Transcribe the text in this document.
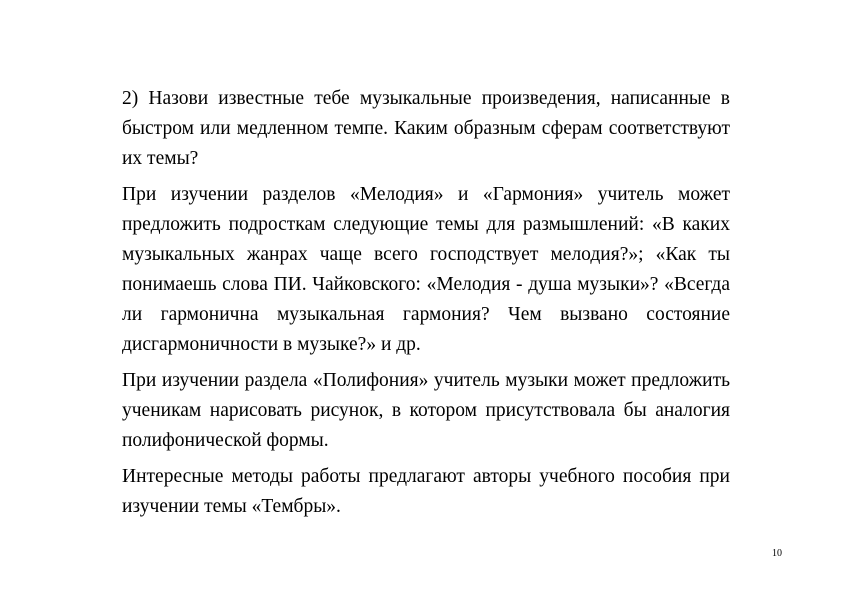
2) Назови известные тебе музыкальные произведения, написанные в быстром или медленном темпе. Каким образным сферам соответствуют их темы?

При изучении разделов «Мелодия» и «Гармония» учитель может предложить подросткам следующие темы для размышлений: «В каких музыкальных жанрах чаще всего господствует мелодия?»; «Как ты понимаешь слова ПИ. Чайковского: «Мелодия - душа музыки»? «Всегда ли гармонична музыкальная гармония? Чем вызвано состояние дисгармоничности в музыке?» и др.

При изучении раздела «Полифония» учитель музыки может предложить ученикам нарисовать рисунок, в котором присутствовала бы аналогия полифонической формы.

Интересные методы работы предлагают авторы учебного пособия при изучении темы «Тембры».

10
